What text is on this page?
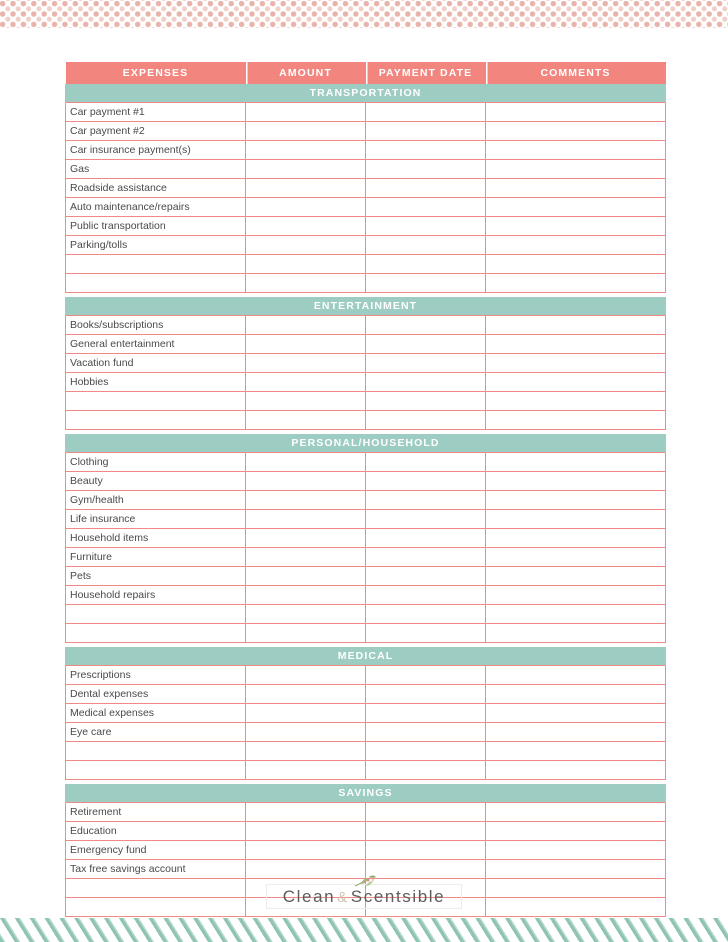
EXPENSES	AMOUNT	PAYMENT DATE	COMMENTS
TRANSPORTATION			
Car payment #1			
Car payment #2			
Car insurance payment(s)			
Gas			
Roadside assistance			
Auto maintenance/repairs			
Public transportation			
Parking/tolls			

ENTERTAINMENT			
Books/subscriptions			
General entertainment			
Vacation fund			
Hobbies			

PERSONAL/HOUSEHOLD			
Clothing			
Beauty			
Gym/health			
Life insurance			
Household items			
Furniture			
Pets			
Household repairs			

MEDICAL			
Prescriptions			
Dental expenses			
Medical expenses			
Eye care			

SAVINGS			
Retirement			
Education			
Emergency fund			
Tax free savings account			

Clean & Scentsible
